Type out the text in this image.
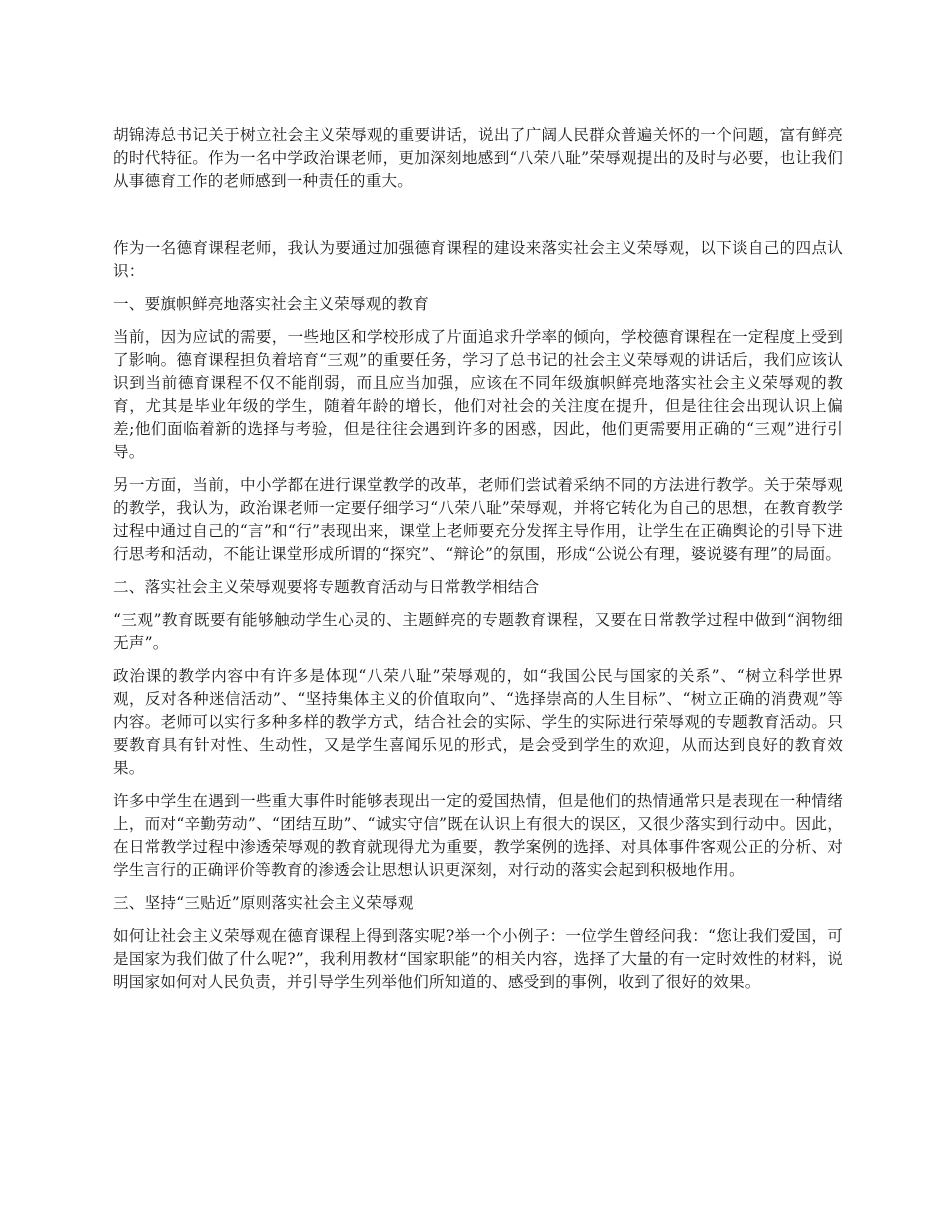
胡锦涛总书记关于树立社会主义荣辱观的重要讲话，说出了广阔人民群众普遍关怀的一个问题，富有鲜亮的时代特征。作为一名中学政治课老师，更加深刻地感到“八荣八耻”荣辱观提出的及时与必要，也让我们从事德育工作的老师感到一种责任的重大。

作为一名德育课程老师，我认为要通过加强德育课程的建设来落实社会主义荣辱观，以下谈自己的四点认识：

一、要旗帜鲜亮地落实社会主义荣辱观的教育

当前，因为应试的需要，一些地区和学校形成了片面追求升学率的倾向，学校德育课程在一定程度上受到了影响。德育课程担负着培育“三观”的重要任务，学习了总书记的社会主义荣辱观的讲话后，我们应该认识到当前德育课程不仅不能削弱，而且应当加强，应该在不同年级旗帜鲜亮地落实社会主义荣辱观的教育，尤其是毕业年级的学生，随着年龄的增长，他们对社会的关注度在提升，但是往往会出现认识上偏差;他们面临着新的选择与考验，但是往往会遇到许多的困惑，因此，他们更需要用正确的“三观”进行引导。

另一方面，当前，中小学都在进行课堂教学的改革，老师们尝试着采纳不同的方法进行教学。关于荣辱观的教学，我认为，政治课老师一定要仔细学习“八荣八耻”荣辱观，并将它转化为自己的思想，在教育教学过程中通过自己的“言”和“行”表现出来，课堂上老师要充分发挥主导作用，让学生在正确舆论的引导下进行思考和活动，不能让课堂形成所谓的“探究”、“辩论”的氛围，形成“公说公有理，婆说婆有理”的局面。

二、落实社会主义荣辱观要将专题教育活动与日常教学相结合

“三观”教育既要有能够触动学生心灵的、主题鲜亮的专题教育课程，又要在日常教学过程中做到“润物细无声”。

政治课的教学内容中有许多是体现“八荣八耻”荣辱观的，如“我国公民与国家的关系”、“树立科学世界观，反对各种迷信活动”、“坚持集体主义的价值取向”、“选择崇高的人生目标”、“树立正确的消费观”等内容。老师可以实行多种多样的教学方式，结合社会的实际、学生的实际进行荣辱观的专题教育活动。只要教育具有针对性、生动性，又是学生喜闻乐见的形式，是会受到学生的欢迎，从而达到良好的教育效果。

许多中学生在遇到一些重大事件时能够表现出一定的爱国热情，但是他们的热情通常只是表现在一种情绪上，而对“辛勤劳动”、“团结互助”、“诚实守信”既在认识上有很大的误区，又很少落实到行动中。因此，在日常教学过程中渗透荣辱观的教育就现得尤为重要，教学案例的选择、对具体事件客观公正的分析、对学生言行的正确评价等教育的渗透会让思想认识更深刻，对行动的落实会起到积极地作用。

三、坚持“三贴近”原则落实社会主义荣辱观

如何让社会主义荣辱观在德育课程上得到落实呢?举一个小例子：一位学生曾经问我：“您让我们爱国，可是国家为我们做了什么呢?”，我利用教材“国家职能”的相关内容，选择了大量的有一定时效性的材料，说明国家如何对人民负责，并引导学生列举他们所知道的、感受到的事例，收到了很好的效果。
